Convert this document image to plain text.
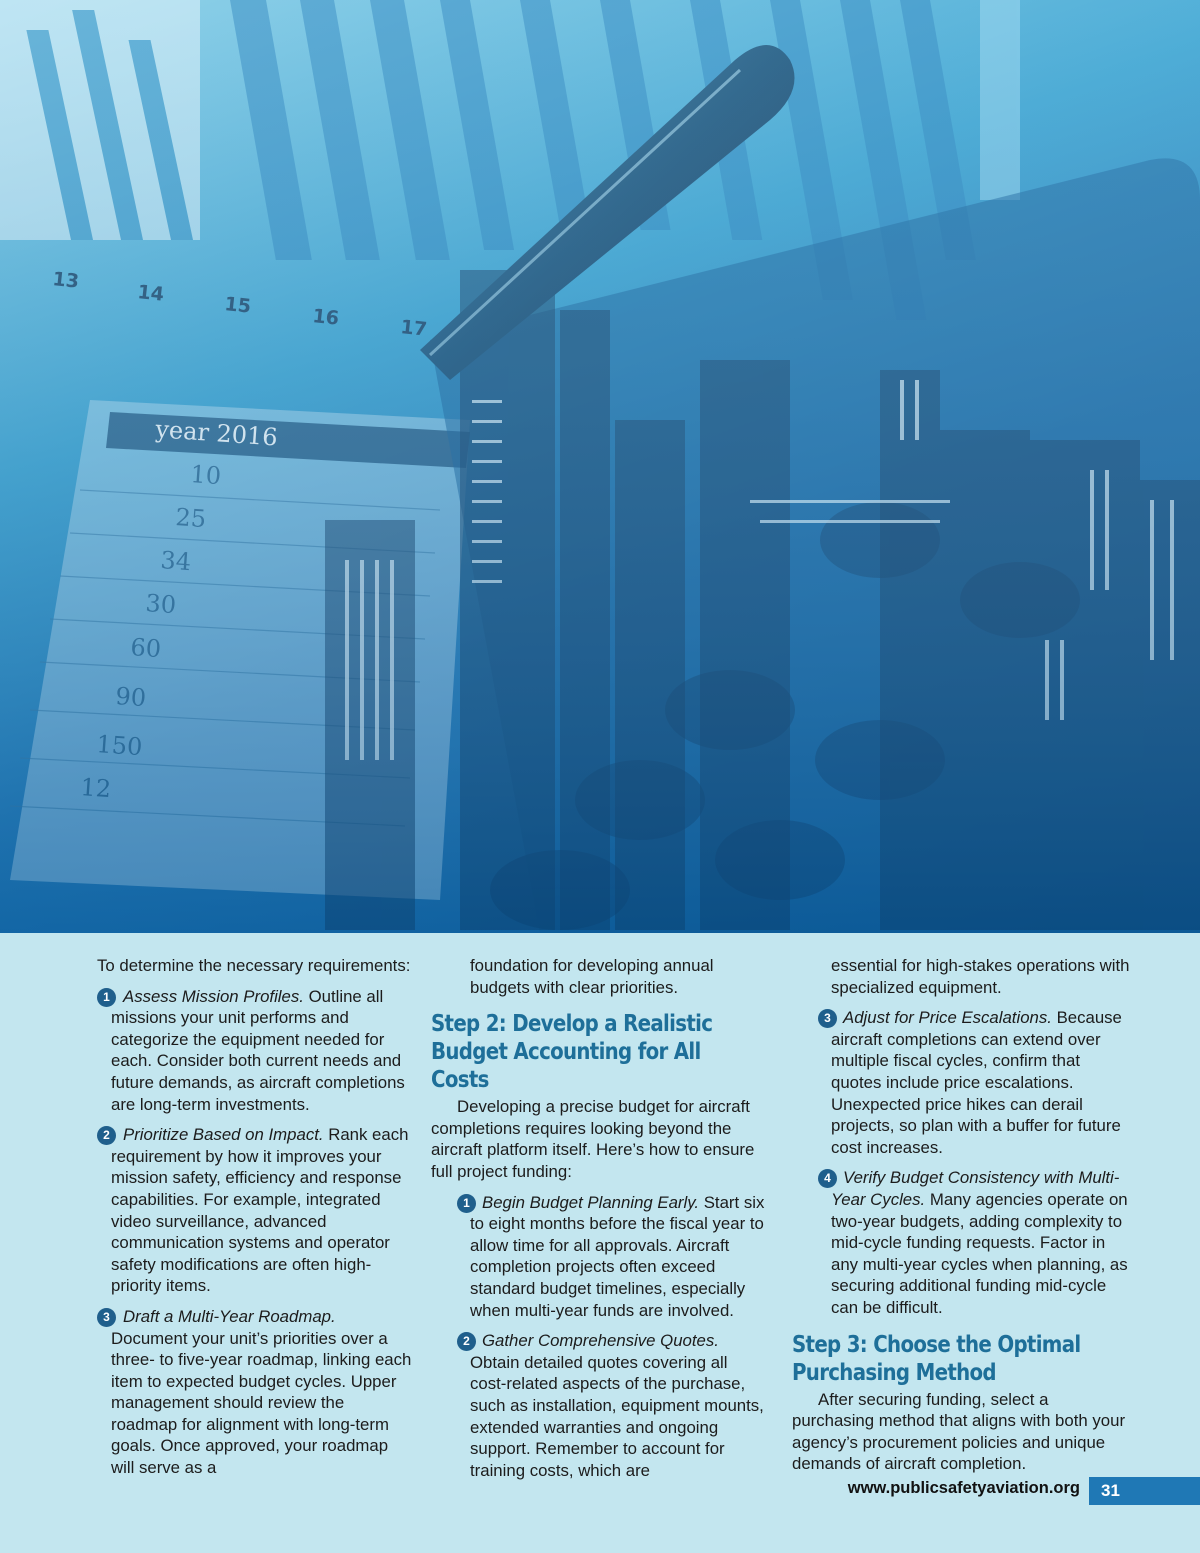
To determine the necessary requirements:

1 Assess Mission Profiles. Outline all missions your unit performs and categorize the equipment needed for each. Consider both current needs and future demands, as aircraft completions are long-term investments.
2 Prioritize Based on Impact. Rank each requirement by how it improves your mission safety, efficiency and response capabilities. For example, integrated video surveillance, advanced communication systems and operator safety modifications are often high-priority items.
3 Draft a Multi-Year Roadmap. Document your unit’s priorities over a three- to five-year roadmap, linking each item to expected budget cycles. Upper management should review the roadmap for alignment with long-term goals. Once approved, your roadmap will serve as a

foundation for developing annual budgets with clear priorities.

Step 2: Develop a Realistic Budget Accounting for All Costs

Developing a precise budget for aircraft completions requires looking beyond the aircraft platform itself. Here’s how to ensure full project funding:

1 Begin Budget Planning Early. Start six to eight months before the fiscal year to allow time for all approvals. Aircraft completion projects often exceed standard budget timelines, especially when multi-year funds are involved.
2 Gather Comprehensive Quotes. Obtain detailed quotes covering all cost-related aspects of the purchase, such as installation, equipment mounts, extended warranties and ongoing support. Remember to account for training costs, which are

essential for high-stakes operations with specialized equipment.

3 Adjust for Price Escalations. Because aircraft completions can extend over multiple fiscal cycles, confirm that quotes include price escalations. Unexpected price hikes can derail projects, so plan with a buffer for future cost increases.
4 Verify Budget Consistency with Multi-Year Cycles. Many agencies operate on two-year budgets, adding complexity to mid-cycle funding requests. Factor in any multi-year cycles when planning, as securing additional funding mid-cycle can be difficult.
Step 3: Choose the Optimal Purchasing Method

After securing funding, select a purchasing method that aligns with both your agency’s procurement policies and unique demands of aircraft completion.

www.publicsafetyaviation.org	31
